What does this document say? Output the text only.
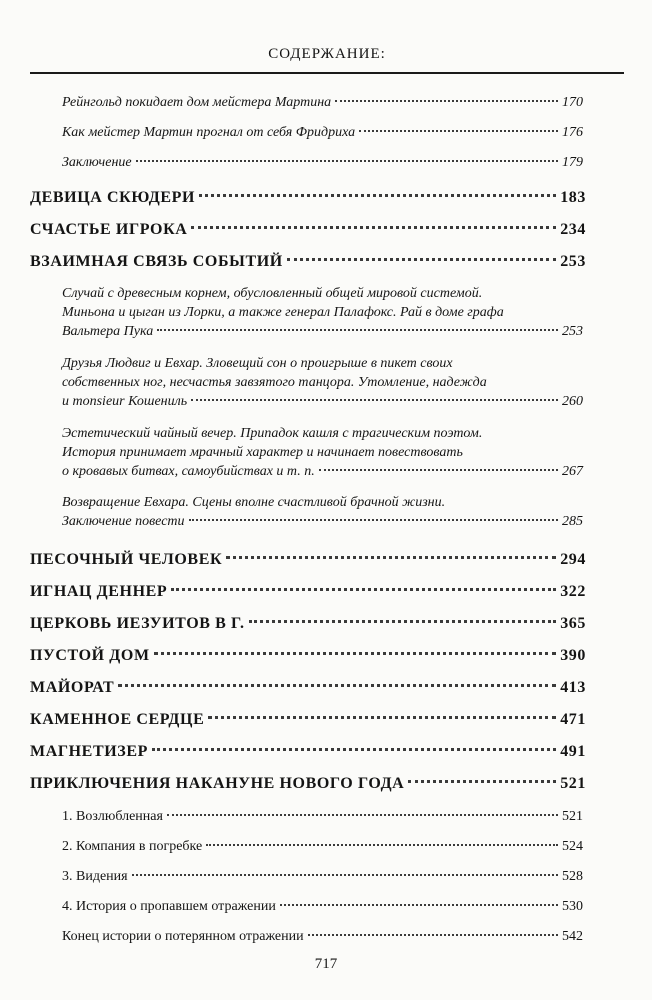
СОДЕРЖАНИЕ:
Рейнгольд покидает дом мейстера Мартина	170
Как мейстер Мартин прогнал от себя Фридриха	176
Заключение	179
ДЕВИЦА СКЮДЕРИ	183
СЧАСТЬЕ ИГРОКА	234
ВЗАИМНАЯ СВЯЗЬ СОБЫТИЙ	253
Случай с древесным корнем, обусловленный общей мировой системой.
Миньона и цыган из Лорки, а также генерал Палафокс. Рай в доме графа
Вальтера Пука	253
Друзья Людвиг и Евхар. Зловещий сон о проигрыше в пикет своих
собственных ног, несчастья завзятого танцора. Утомление, надежда
и monsieur Кошениль	260
Эстетический чайный вечер. Припадок кашля с трагическим поэтом.
История принимает мрачный характер и начинает повествовать
о кровавых битвах, самоубийствах и т. п.	267
Возвращение Евхара. Сцены вполне счастливой брачной жизни.
Заключение повести	285
ПЕСОЧНЫЙ ЧЕЛОВЕК	294
ИГНАЦ ДЕННЕР	322
ЦЕРКОВЬ ИЕЗУИТОВ В Г.	365
ПУСТОЙ ДОМ	390
МАЙОРАТ	413
КАМЕННОЕ СЕРДЦЕ	471
МАГНЕТИЗЕР	491
ПРИКЛЮЧЕНИЯ НАКАНУНЕ НОВОГО ГОДА	521
1. Возлюбленная	521
2. Компания в погребке	524
3. Видения	528
4. История о пропавшем отражении	530
Конец истории о потерянном отражении	542
717
